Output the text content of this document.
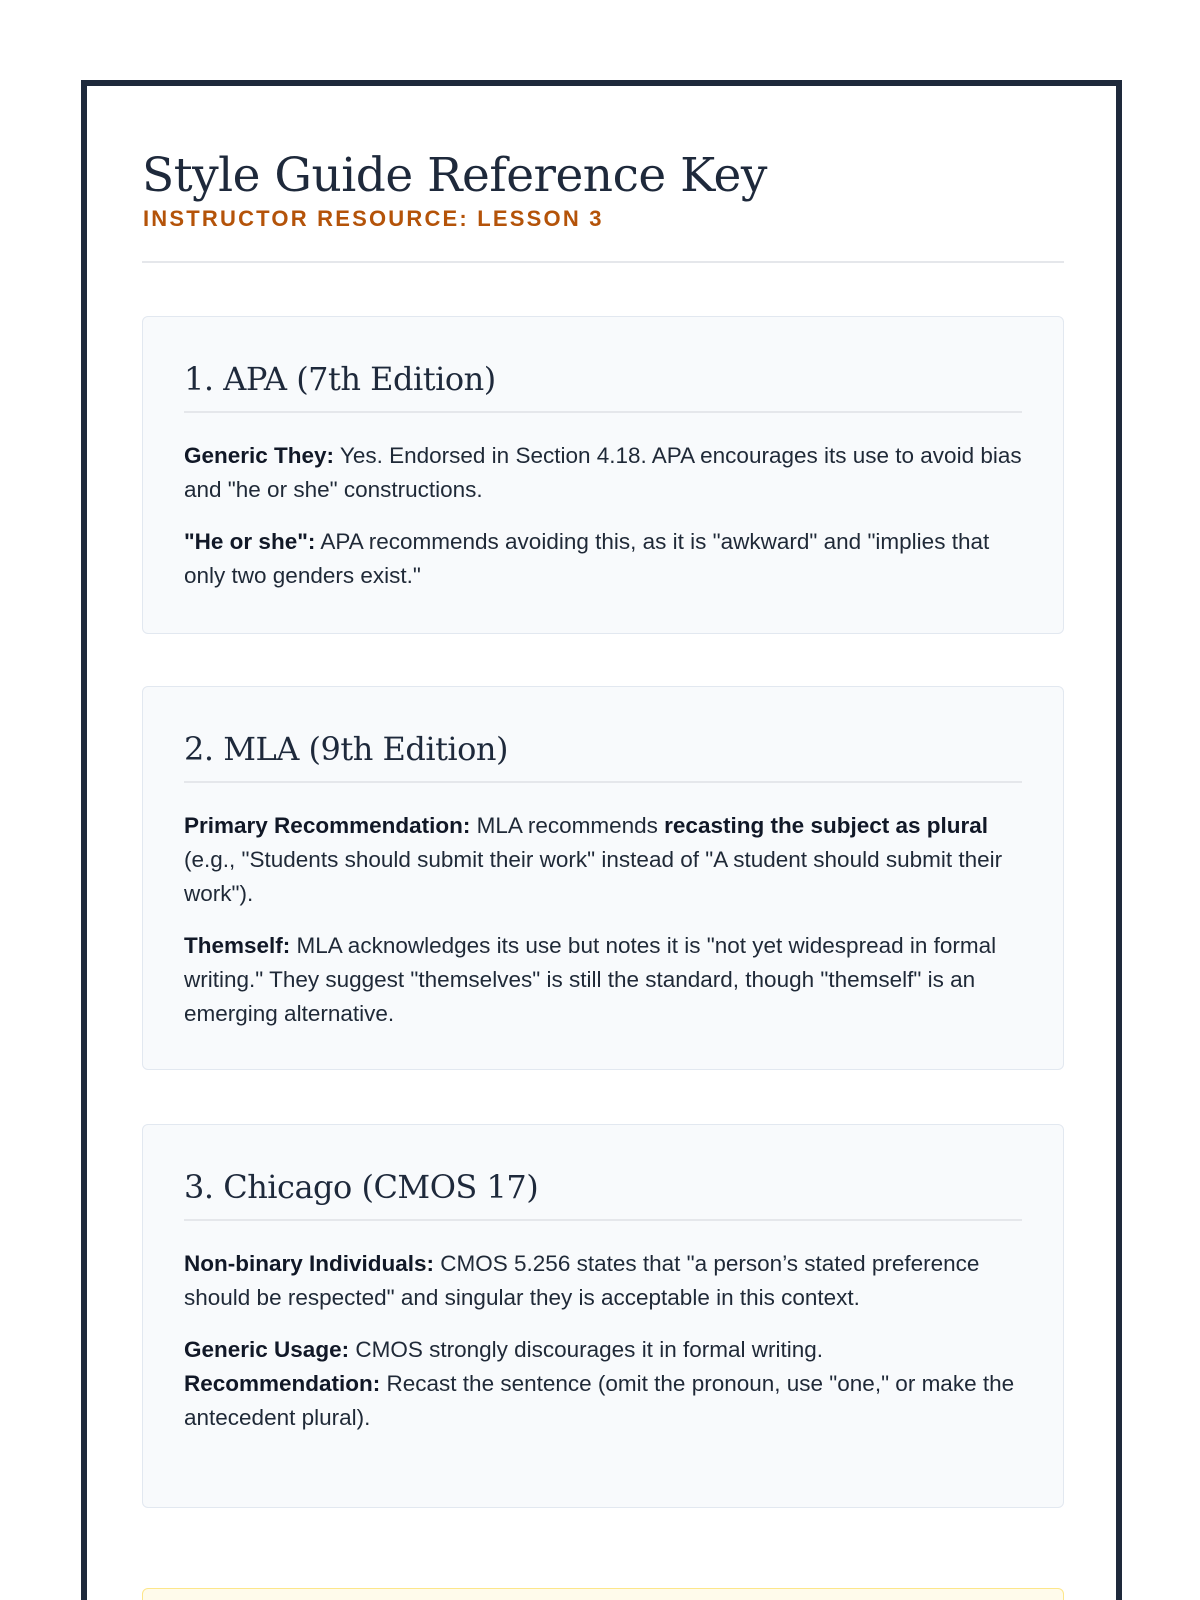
Style Guide Reference Key
INSTRUCTOR RESOURCE: LESSON 3
1. APA (7th Edition)

Generic They: Yes. Endorsed in Section 4.18. APA encourages its use to avoid bias and "he or she" constructions.

"He or she": APA recommends avoiding this, as it is "awkward" and "implies that only two genders exist."

2. MLA (9th Edition)

Primary Recommendation: MLA recommends recasting the subject as plural (e.g., "Students should submit their work" instead of "A student should submit their work").

Themself: MLA acknowledges its use but notes it is "not yet widespread in formal writing." They suggest "themselves" is still the standard, though "themself" is an emerging alternative.

3. Chicago (CMOS 17)

Non-binary Individuals: CMOS 5.256 states that "a person’s stated preference should be respected" and singular they is acceptable in this context.

Generic Usage: CMOS strongly discourages it in formal writing.

Recommendation: Recast the sentence (omit the pronoun, use "one," or make the antecedent plural).
